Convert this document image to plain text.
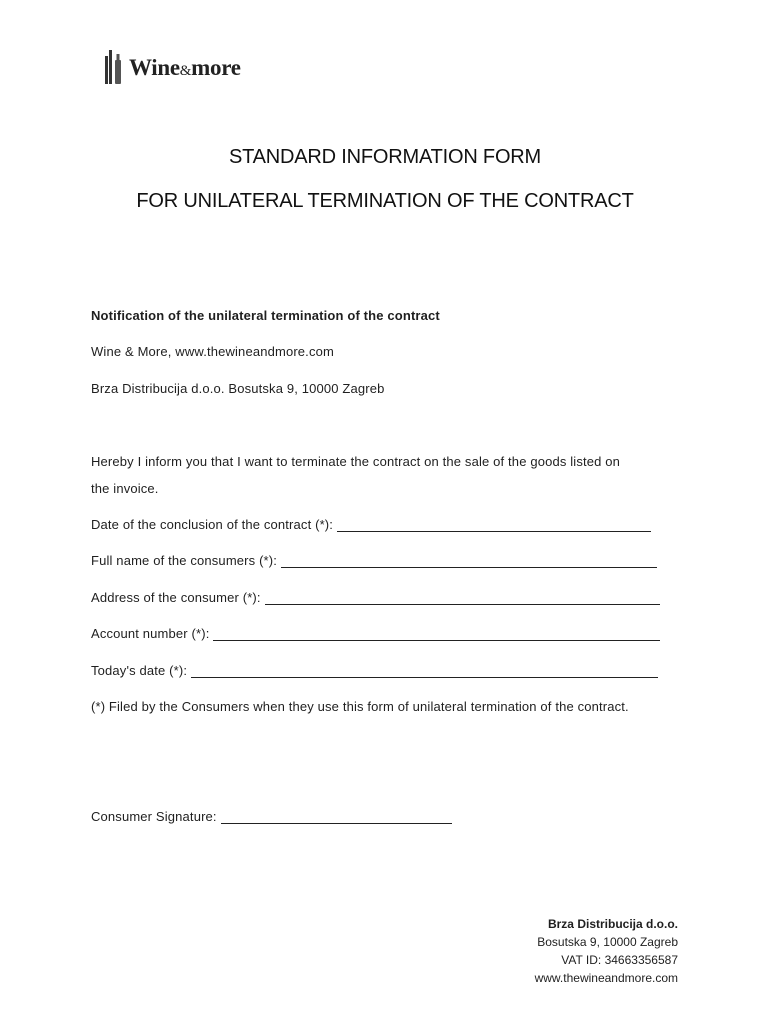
Wine&more
STANDARD INFORMATION FORM
FOR UNILATERAL TERMINATION OF THE CONTRACT
Notification of the unilateral termination of the contract
Wine & More, www.thewineandmore.com
Brza Distribucija d.o.o. Bosutska 9, 10000 Zagreb
Hereby I inform you that I want to terminate the contract on the sale of the goods listed on
the invoice.
Date of the conclusion of the contract (*):
Full name of the consumers (*):
Address of the consumer (*):
Account number (*):
Today's date (*):
(*) Filed by the Consumers when they use this form of unilateral termination of the contract.
Consumer Signature:
Brza Distribucija d.o.o.
Bosutska 9, 10000 Zagreb
VAT ID: 34663356587
www.thewineandmore.com
